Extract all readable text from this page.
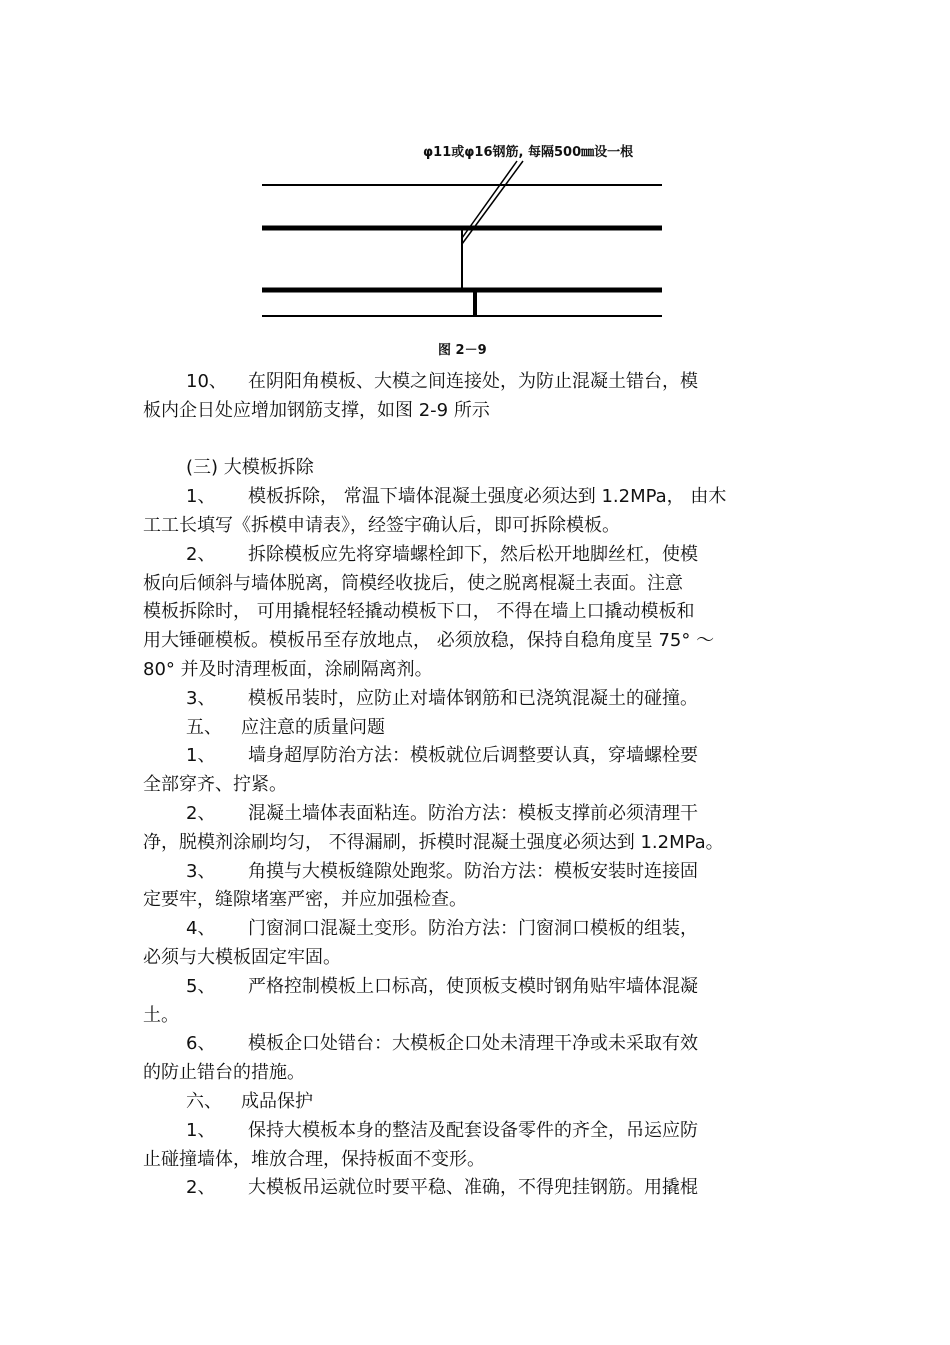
φ11或φ16钢筋, 每隔500㎜设一根
图 2－9
10、 在阴阳角模板、大模之间连接处，为防止混凝土错台，模
板内企日处应增加钢筋支撑，如图 2-9 所示
(三) 大模板拆除
1、 模板拆除， 常温下墙体混凝土强度必须达到 1.2MPa， 由木
工工长填写《拆模申请表》，经签宇确认后，即可拆除模板。
2、 拆除模板应先将穿墙螺栓卸下，然后松开地脚丝杠，使模
板向后倾斜与墙体脱离，筒模经收拢后，使之脱离棍凝土表面。注意
模板拆除时， 可用撬棍轻轻撬动模板下口， 不得在墙上口撬动模板和
用大锤砸模板。模板吊至存放地点， 必须放稳，保持自稳角度呈 75° ～
80° 并及时清理板面，涂刷隔离剂。
3、 模板吊装时，应防止对墙体钢筋和已浇筑混凝土的碰撞。
五、 应注意的质量问题
1、 墙身超厚防治方法：模板就位后调整要认真，穿墙螺栓要
全部穿齐、拧紧。
2、 混凝土墙体表面粘连。防治方法：模板支撑前必须清理干
净，脱模剂涂刷均匀， 不得漏刷，拆模时混凝土强度必须达到 1.2MPa。
3、 角摸与大模板缝隙处跑浆。防治方法：模板安装时连接固
定要牢，缝隙堵塞严密，并应加强检查。
4、 门窗洞口混凝土变形。防治方法：门窗洞口模板的组装，
必须与大模板固定牢固。
5、 严格控制模板上口标高，使顶板支模时钢角贴牢墙体混凝
土。
6、 模板企口处错台：大模板企口处未清理干净或未采取有效
的防止错台的措施。
六、 成品保护
1、 保持大模板本身的整洁及配套设备零件的齐全，吊运应防
止碰撞墙体，堆放合理，保持板面不变形。
2、 大模板吊运就位时要平稳、准确，不得兜挂钢筋。用撬棍
